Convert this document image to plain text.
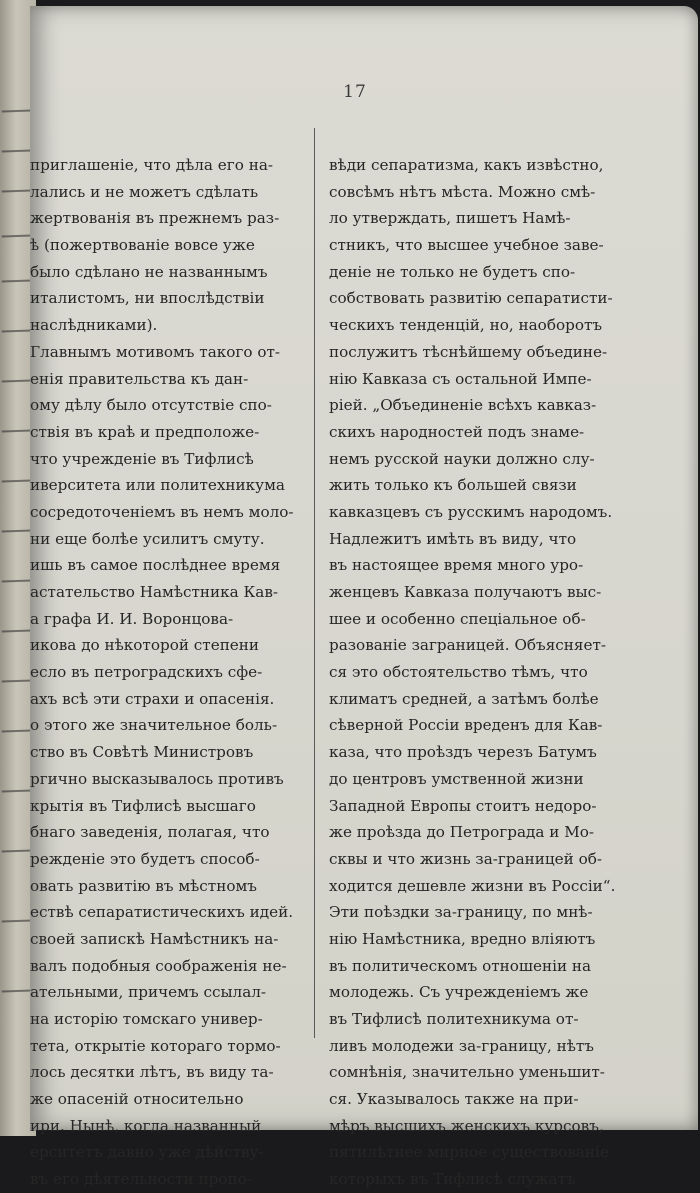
17
приглашеніе, что дѣла его на-
лались и не можетъ сдѣлать
жертвованія въ прежнемъ раз-
ѣ (пожертвованіе вовсе уже
было сдѣлано не названнымъ
италистомъ, ни впослѣдствіи
наслѣдниками).
Главнымъ мотивомъ такого от-
енія правительства къ дан-
ому дѣлу было отсутствіе спо-
ствія въ краѣ и предположе-
что учрежденіе въ Тифлисѣ
иверситета или политехникума
сосредоточеніемъ въ немъ моло-
ни еще болѣе усилитъ смуту.
ишь въ самое послѣднее время
астательство Намѣстника Кав-
а графа И. И. Воронцова-
икова до нѣкоторой степени
есло въ петроградскихъ сфе-
ахъ всѣ эти страхи и опасенія.
о этого же значительное боль-
ство въ Совѣтѣ Министровъ
ргично высказывалось противъ
крытія въ Тифлисѣ высшаго
бнаго заведенія, полагая, что
режденіе это будетъ способ-
овать развитію въ мѣстномъ
ествѣ сепаратистическихъ идей.
своей запискѣ Намѣстникъ на-
валъ подобныя соображенія не-
ательными, причемъ ссылал-
на исторію томскаго универ-
тета, открытіе котораго тормо-
лось десятки лѣтъ, въ виду та-
же опасеній относительно
ири. Нынѣ, когда названный
ерситетъ давно уже дѣйству-
въ его дѣятельности пропо-
вѣди сепаратизма, какъ извѣстно,
совсѣмъ нѣтъ мѣста. Можно смѣ-
ло утверждать, пишетъ Намѣ-
стникъ, что высшее учебное заве-
деніе не только не будетъ спо-
собствовать развитію сепаратисти-
ческихъ тенденцій, но, наоборотъ
послужитъ тѣснѣйшему объедине-
нію Кавказа съ остальной Импе-
ріей. „Объединеніе всѣхъ кавказ-
скихъ народностей подъ знаме-
немъ русской науки должно слу-
жить только къ большей связи
кавказцевъ съ русскимъ народомъ.
Надлежитъ имѣть въ виду, что
въ настоящее время много уро-
женцевъ Кавказа получаютъ выс-
шее и особенно спеціальное об-
разованіе заграницей. Объясняет-
ся это обстоятельство тѣмъ, что
климатъ средней, а затѣмъ болѣе
сѣверной Россіи вреденъ для Кав-
каза, что проѣздъ черезъ Батумъ
до центровъ умственной жизни
Западной Европы стоитъ недоро-
же проѣзда до Петрограда и Мо-
сквы и что жизнь за-границей об-
ходится дешевле жизни въ Россіи“.
Эти поѣздки за-границу, по мнѣ-
нію Намѣстника, вредно вліяютъ
въ политическомъ отношеніи на
молодежь. Съ учрежденіемъ же
въ Тифлисѣ политехникума от-
ливъ молодежи за-границу, нѣтъ
сомнѣнія, значительно уменьшит-
ся. Указывалось также на при-
мѣръ высшихъ женскихъ курсовъ,
пятилѣтнее мирное существованіе
которыхъ въ Тифлисѣ служатъ
